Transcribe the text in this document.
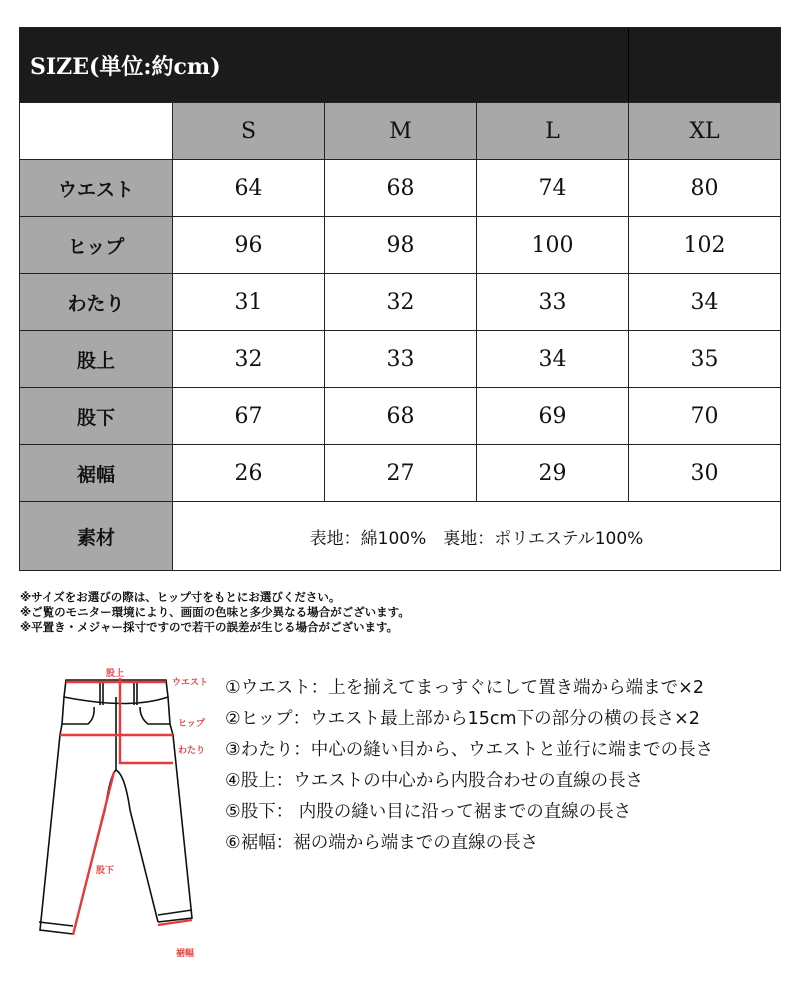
SIZE(単位:約cm)
S	M	L	XL
ウエスト	64	68	74	80
ヒップ	96	98	100	102
わたり	31	32	33	34
股上	32	33	34	35
股下	67	68	69	70
裾幅	26	27	29	30
素材	表地：綿100%　裏地：ポリエステル100%
※サイズをお選びの際は、ヒップ寸をもとにお選びください。
※ご覧のモニター環境により、画面の色味と多少異なる場合がございます。
※平置き・メジャー採寸ですので若干の誤差が生じる場合がございます。
股上
ウエスト
ヒップ
わたり
股下
裾幅
①ウエスト：上を揃えてまっすぐにして置き端から端まで×2
②ヒップ：ウエスト最上部から15cm下の部分の横の長さ×2
③わたり：中心の縫い目から、ウエストと並行に端までの長さ
④股上：ウエストの中心から内股合わせの直線の長さ
⑤股下： 内股の縫い目に沿って裾までの直線の長さ
⑥裾幅：裾の端から端までの直線の長さ
